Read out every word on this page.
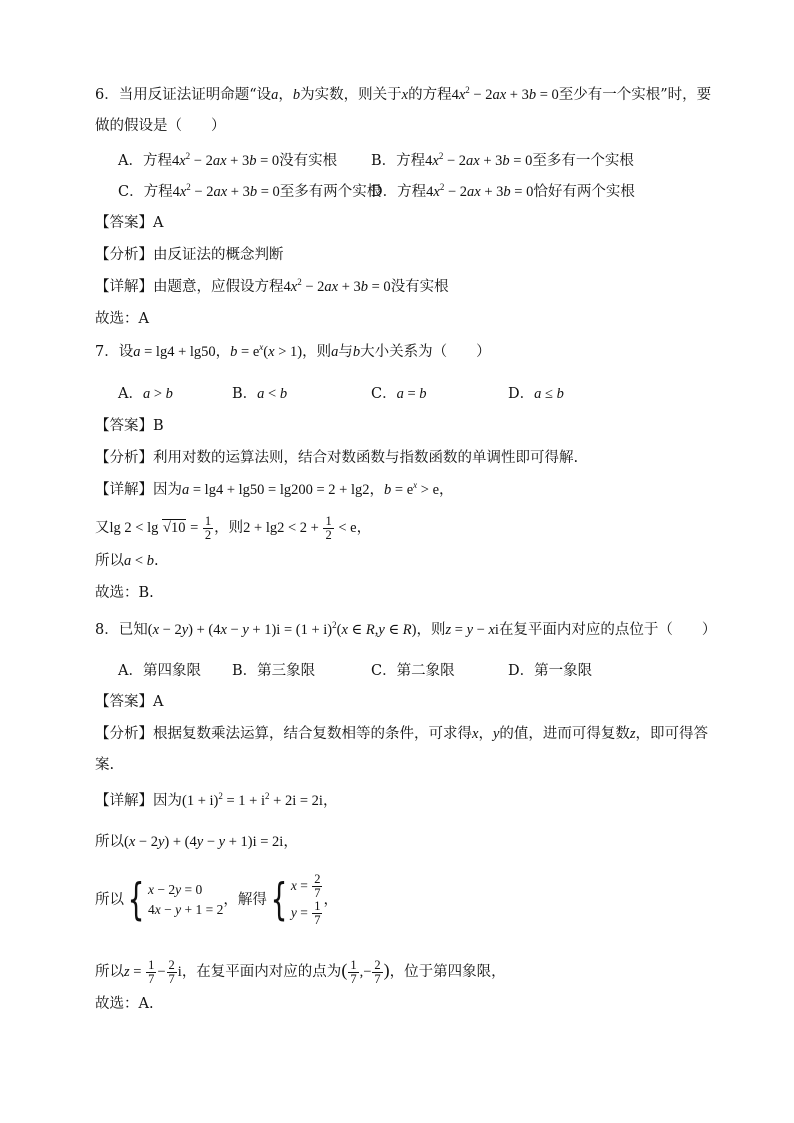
6．当用反证法证明命题“设a，b为实数，则关于x的方程$4x^2 - 2ax + 3b = 0$至少有一个实根”时，要
做的假设是（　　）
A．方程$4x^2 - 2ax + 3b = 0$没有实根 B．方程$4x^2 - 2ax + 3b = 0$至多有一个实根
C．方程$4x^2 - 2ax + 3b = 0$至多有两个实根
D．方程$4x^2 - 2ax + 3b = 0$恰好有两个实根
【答案】A
【分析】由反证法的概念判断
【详解】由题意，应假设方程$4x^2 - 2ax + 3b = 0$没有实根
故选：A
7．设a = lg4 + lg50，$b = e^x(x > 1)$，则a与b大小关系为（　　）
A．a > b	B．a < b	C．a = b	D．a ≤ b
【答案】B
【分析】利用对数的运算法则，结合对数函数与指数函数的单调性即可得解.
【详解】因为a = lg4 + lg50 = lg200 = 2 + lg2，$b = e^x > e$，
又$\lg 2 < \lg √10 = \frac{1}{2}$ ，则$2 + \lg 2 < 2 + \frac{1}{2} < e$，
所以a < b.
故选：B.
8．已知$(x - 2y) + (4x - y + 1)i = (1 + i)^2(x$ ∈ R,y ∈ R)，则z = y − xi在复平面内对应的点位于（　　）
A．第四象限 B．第三象限	C．第二象限	D．第一象限
【答案】A
【分析】根据复数乘法运算，结合复数相等的条件，可求得x，y的值，进而可得复数z，即可得答
案.
【详解】因为$(1 + i)^2 = 1 + i^2 + 2i = 2i$，
所以(x − 2y) + (4y − y + 1)i = 2i，
所以{ x − 2y = 0
4x − y + 1 = 2
，解得{ $x = \frac{2}{7}$
$y = \frac{1}{7}$
，
所以$z = \frac{1}{7} - \frac{2}{7}$ i，在复平面内对应的点为( $\frac{1}{7}$ ,− $\frac{2}{7}$ )，位于第四象限，
故选：A.
